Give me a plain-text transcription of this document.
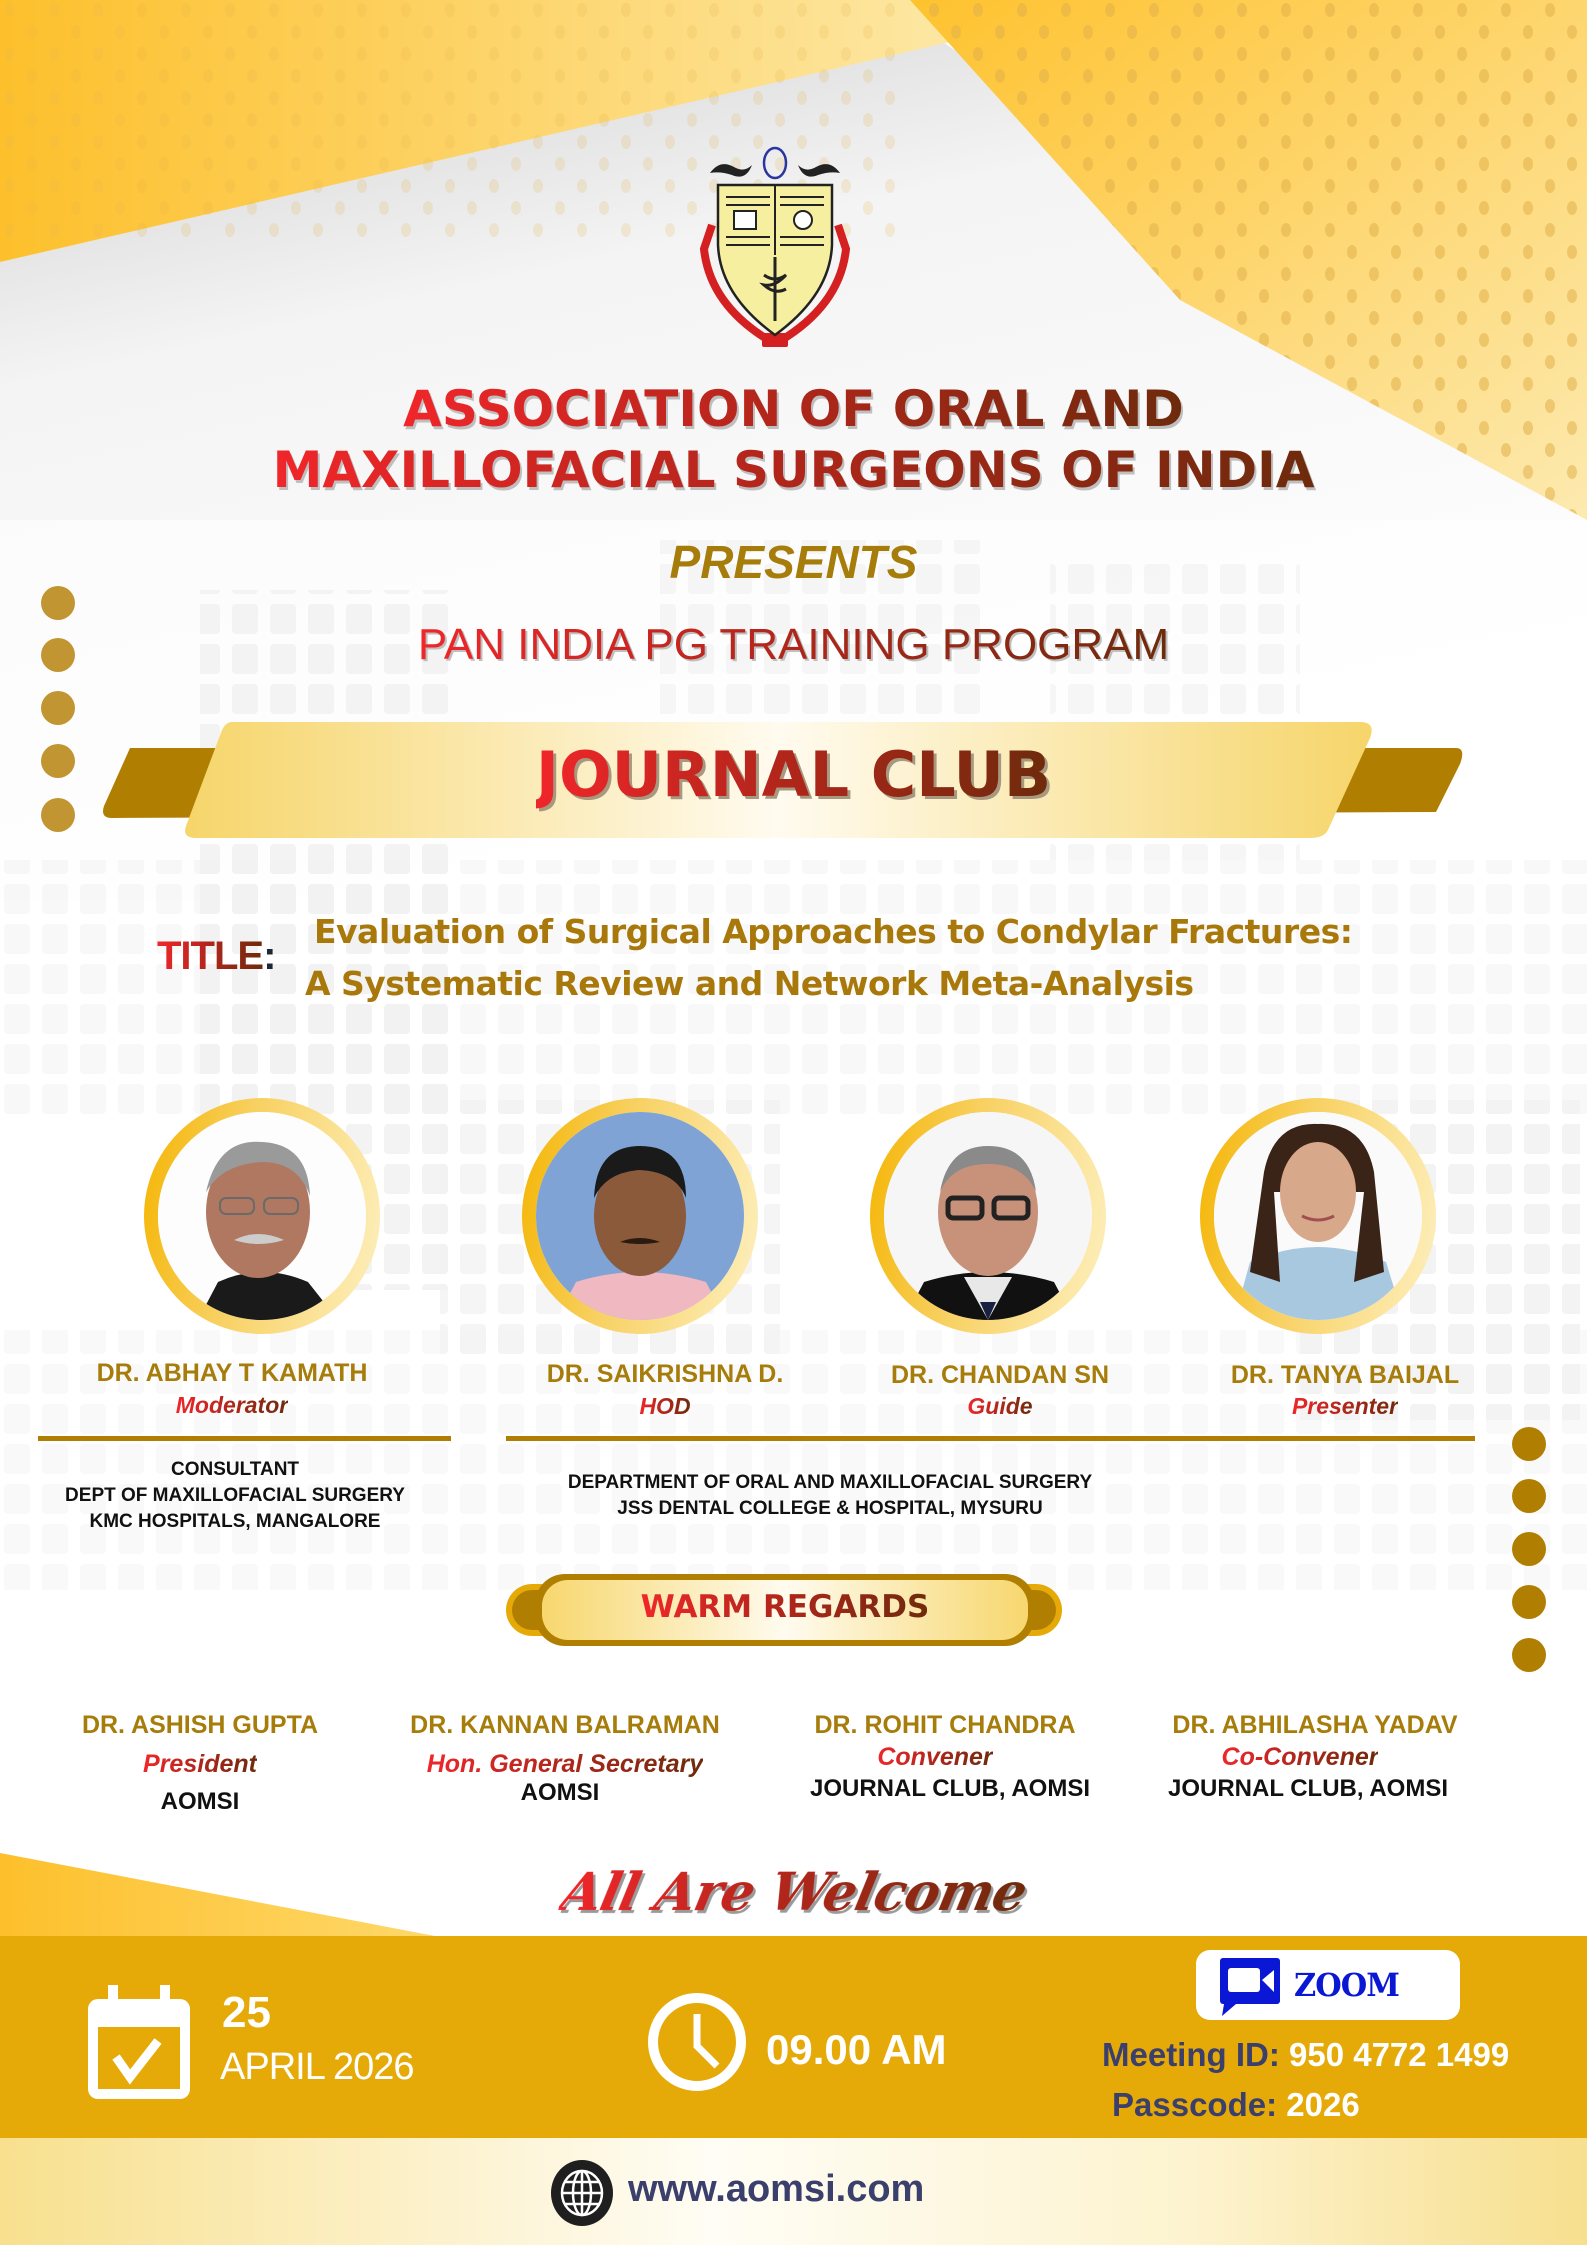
ASSOCIATION OF ORAL AND
MAXILLOFACIAL SURGEONS OF INDIA
PRESENTS
PAN INDIA PG TRAINING PROGRAM
JOURNAL CLUB
TITLE:
Evaluation of Surgical Approaches to Condylar Fractures:
A Systematic Review and Network Meta-Analysis
DR. ABHAY T KAMATH
Moderator
DR. SAIKRISHNA D.
HOD
DR. CHANDAN SN
Guide
DR. TANYA BAIJAL
Presenter
CONSULTANT
DEPT OF MAXILLOFACIAL SURGERY
KMC HOSPITALS, MANGALORE
DEPARTMENT OF ORAL AND MAXILLOFACIAL SURGERY
JSS DENTAL COLLEGE & HOSPITAL, MYSURU
WARM REGARDS
DR. ASHISH GUPTA
President
AOMSI
DR. KANNAN BALRAMAN
Hon. General Secretary
AOMSI
DR. ROHIT CHANDRA
Convener
JOURNAL CLUB, AOMSI
DR. ABHILASHA YADAV
Co-Convener
JOURNAL CLUB, AOMSI
All Are Welcome
25
APRIL 2026	09.00 AM
ZOOM
Meeting ID: 950 4772 1499
Passcode: 2026
www.aomsi.com
